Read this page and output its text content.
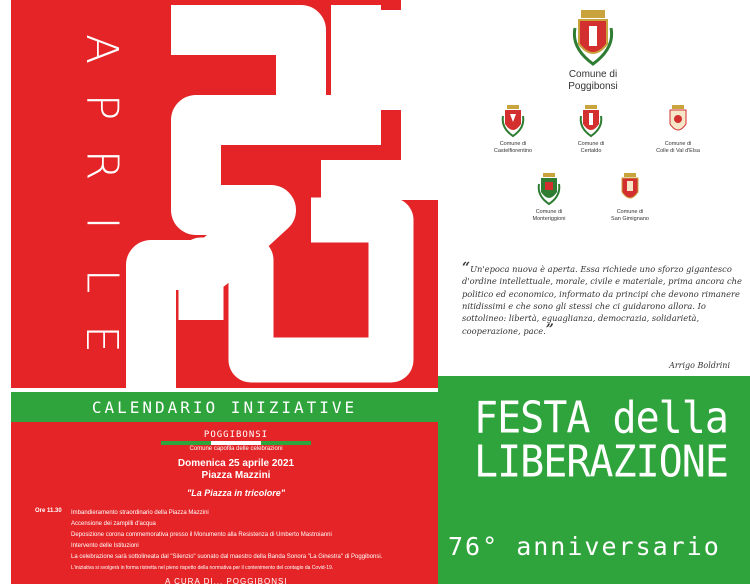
A
P
R
I
L
E
CALENDARIO INIZIATIVE
POGGIBONSI
Comune capofila delle celebrazioni
Domenica 25 aprile 2021
Piazza Mazzini
"La Piazza in tricolore"
Ore 11.30	Imbandieramento straordinario della Piazza Mazzini
Accensione dei zampilli d'acqua
Deposizione corona commemorativa presso il Monumento alla Resistenza di Umberto Mastroianni
Intervento delle Istituzioni
La celebrazione sarà sottolineata dal "Silenzio" suonato dal maestro della Banda Sonora "La Ginestra" di Poggibonsi.
L'iniziativa si svolgerà in forma ristretta nel pieno rispetto della normativa per il contenimento del contagio da Covid-19.
A CURA DI... POGGIBONSI
Comune di
Poggibonsi
Comune di
Castelfiorentino
Comune di
Certaldo
Comune di
Colle di Val d'Elsa
Comune di
Monteriggioni
Comune di
San Gimignano
“Un'epoca nuova è aperta. Essa richiede uno sforzo gigantesco d'ordine intellettuale, morale, civile e materiale, prima ancora che politico ed economico, informato da principi che devono rimanere nitidissimi e che sono gli stessi che ci guidarono allora. Io sottolineo: libertà, eguaglianza, democrazia, solidarietà, cooperazione, pace.”
Arrigo Boldrini
FESTA della
LIBERAZIONE
76° anniversario
